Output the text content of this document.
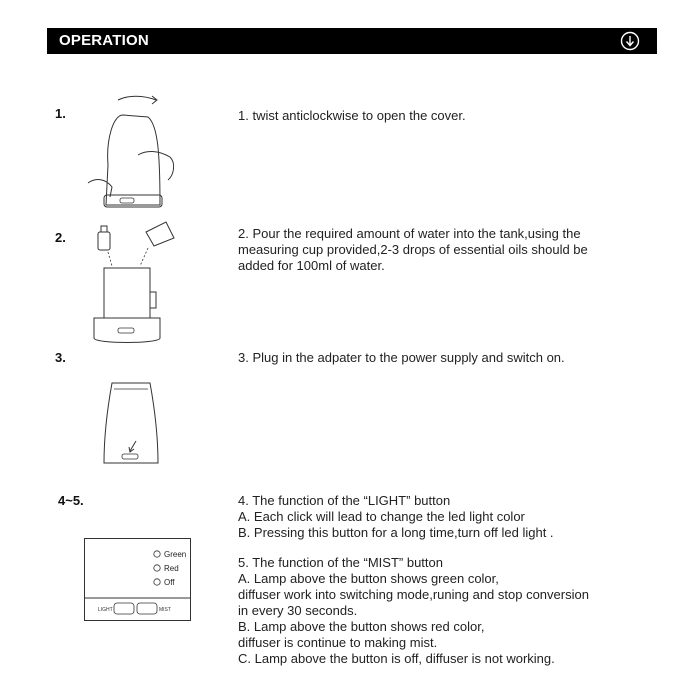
OPERATION
1.	1. twist anticlockwise to open the cover.

2.	2. Pour the required amount of water into the tank,using the

measuring cup provided,2-3 drops of essential oils should be

added for 100ml of water.

3.	3. Plug in the adpater to the power supply and switch on.

4~5.	4. The function of the “LIGHT” button

A. Each click will lead to change the led light color

B. Pressing this button for a long time,turn off led light .

5. The function of the “MIST” button

A. Lamp above the button shows green color,

diffuser work into switching mode,runing and stop conversion

in every 30 seconds.

B. Lamp above the button shows red color,

diffuser is continue to making mist.

C. Lamp above the button is off, diffuser is not working.

Green
Red
Off
LIGHT	MIST
